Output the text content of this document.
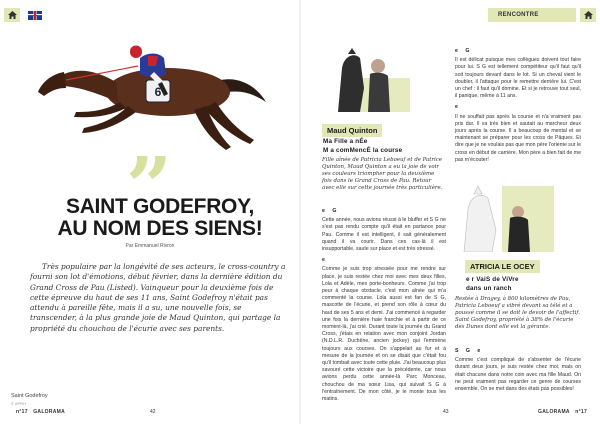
RENCONTRE
6
”
SAINT GODEFROY,
AU NOM DES SIENS!
Par Emmanuel Rivron
Très populaire par la longévité de ses acteurs, le cross-country a fourni son lot d'émotions, début février, dans la dernière édition du Grand Cross de Pau (Listed). Vainqueur pour la deuxième fois de cette épreuve du haut de ses 11 ans, Saint Godefroy n'était pas attendu à pareille fête, mais il a su, une nouvelle fois, se transcender, à la plus grande joie de Maud Quinton, qui partage la propriété du chouchou de l'écurie avec ses parents.
Saint Godefroy
© APRH
n°17 GALORAMA	42	43	GALORAMA n°17
Maud Quinton
Ma Fille a nÉe
M a comMencÉ la course
Fille aînée de Patricia Leboeuf et de Patrice Quinton, Maud Quinton a eu la joie de voir ses couleurs triompher pour la deuxième fois dans le Grand Cross de Pau. Retour avec elle sur cette journée très particulière.
e G

Cette année, nous avions réussi à le bluffer et S G ne s'est pas rendu compte qu'il était en partance pour Pau. Comme il est intelligent, il sait généralement quand il va courir. Dans ces cas-là il est insupportable, saute sur place et est très stressé.

e

Comme je suis trop stressée pour me rendre sur place, je suis restée chez moi avec mes deux filles, Lola et Adèle, mes porte-bonheurs. Comme j'ai trop peur à chaque obstacle, c'est mon aînée qui m'a commenté la course. Lola aussi est fan de S G, mascotte de l'écurie, et prend son rôle à cœur du haut de ses 5 ans et demi. J'ai commencé à regarder une fois la dernière haie franchie et à partir de ce moment-là, j'ai crié. Durant toute la journée du Grand Cross, j'étais en relation avec mon conjoint Jordan (N.D.L.R. Duchêne, ancien jockey) qui l'emmène toujours aux courses. On s'appelait au fur et à mesure de la journée et on se disait que c'était fou qu'il tombait avec toute cette pluie. J'ai beaucoup plus savouré cette victoire que la précédente, car nous avions perdu cette année-là Parc Monceau, chouchou de ma sœur Lisa, qui suivait S G à l'entraînement. De mon côté, je le monte tous les matins.

e G

Il est délicat puisque mes collègues doivent tout faire pour lui. S G est tellement compétiteur qu'il faut qu'il soit toujours devant dans le lot. Si un cheval vient le doubler, il l'attaque pour le remettre derrière lui. C'est un chef : il faut qu'il domine. Et si je retrouve tout seul, il panique, même à 11 ans.

e

Il ne souffait pas après la course et n'a vraiment pas pris dur. Il va très bien et sautait au marcheur deux jours après la course. Il a beaucoup de mental et se maintenant se préparer pour les cross de Pâques. Et dire que je ne voulais pas que mon père l'oriente sur le cross en début de carrière. Mon père a bien fait de me pas m'écouter!

ATRICIA LE OCEY
e r VaiS de ViVre
dans un ranch
Restée à Dragey, à 800 kilomètres de Pau, Patricia Leboeuf a vibré devant sa télé et a poussé comme il se doit le devoir de l'affectif. Saint Godefroy, propriété à 38% de l'écurie des Dunes dont elle est la gérante.
S G e

Comme c'est compliqué de s'absenter de l'écurie durant deux jours, je suis restée chez moi, mais on était chacune dans notre coin avec ma fille Maud. On ne peut vraiment pas regarder ce genre de courses ensemble. On se met dans des états pas possibles!
